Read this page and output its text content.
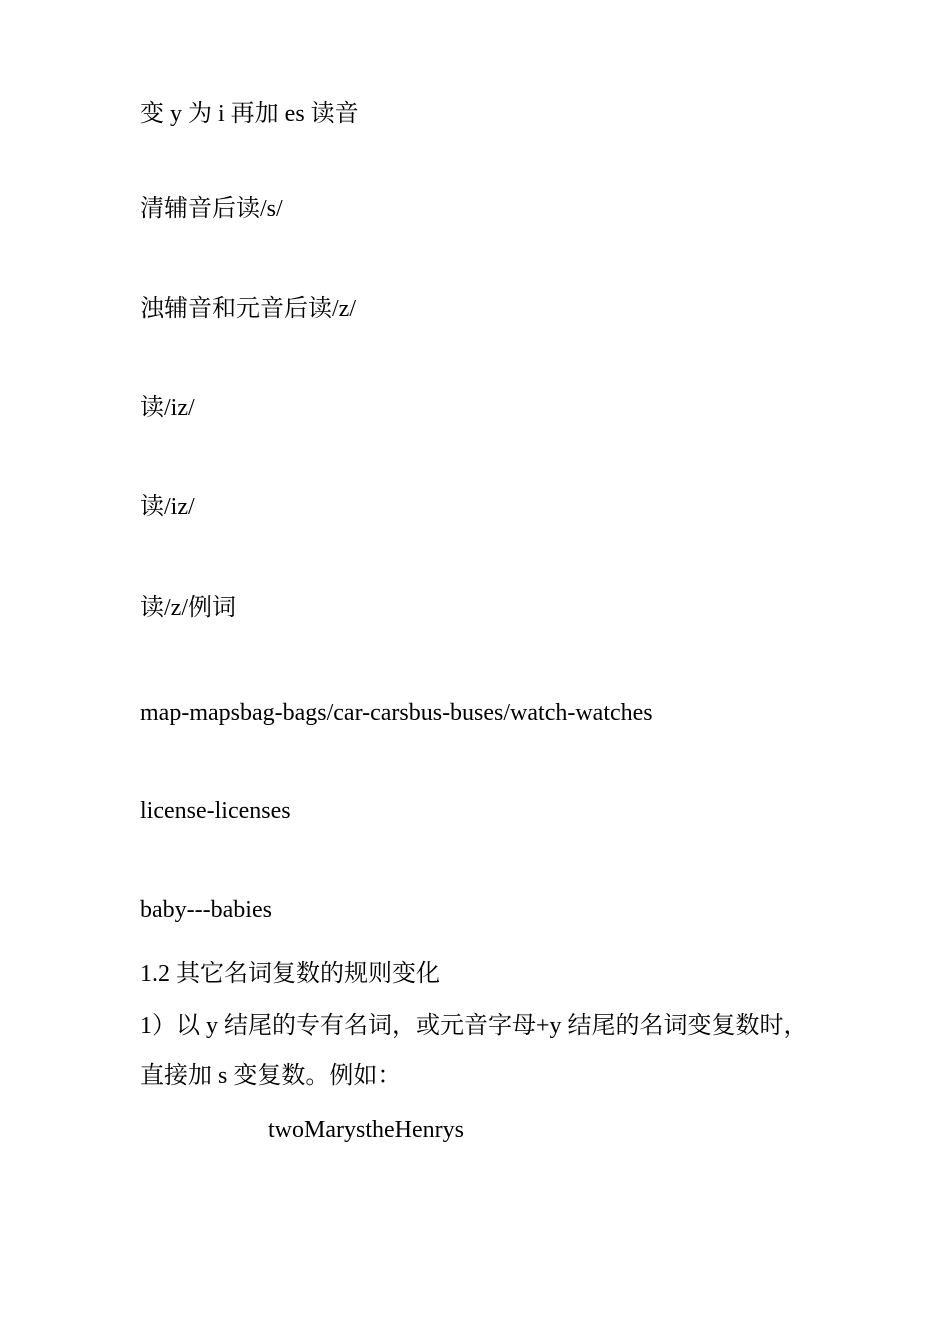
变 y 为 i 再加 es 读音
清辅音后读/s/
浊辅音和元音后读/z/
读/iz/
读/iz/
读/z/例词
map-mapsbag-bags/car-carsbus-buses/watch-watches
license-licenses
baby---babies
1.2 其它名词复数的规则变化
1）以 y 结尾的专有名词，或元音字母+y 结尾的名词变复数时，
直接加 s 变复数。例如：
twoMarystheHenrys
